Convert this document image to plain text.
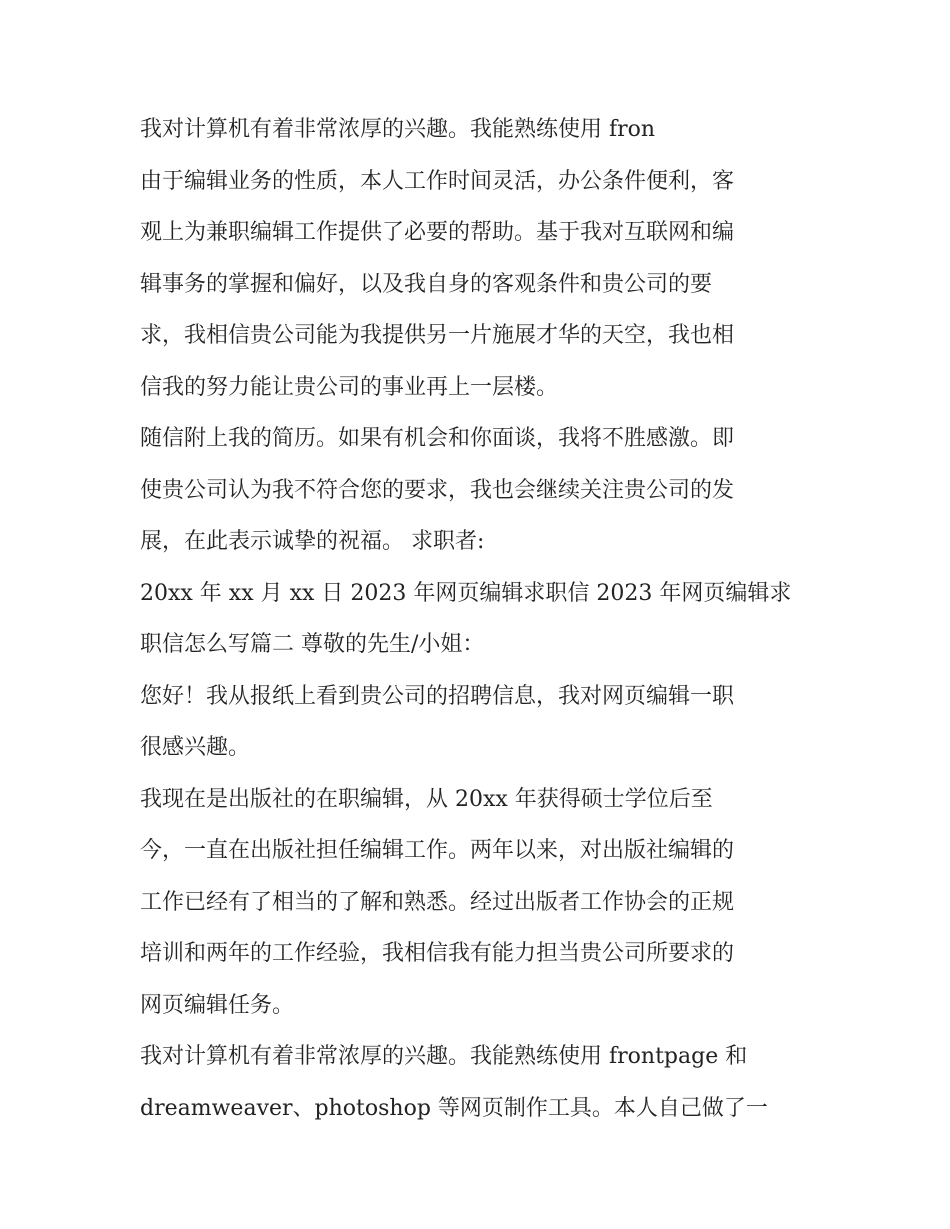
我对计算机有着非常浓厚的兴趣。我能熟练使用 fron
由于编辑业务的性质，本人工作时间灵活，办公条件便利，客
观上为兼职编辑工作提供了必要的帮助。基于我对互联网和编
辑事务的掌握和偏好，以及我自身的客观条件和贵公司的要
求，我相信贵公司能为我提供另一片施展才华的天空，我也相
信我的努力能让贵公司的事业再上一层楼。
随信附上我的简历。如果有机会和你面谈，我将不胜感激。即
使贵公司认为我不符合您的要求，我也会继续关注贵公司的发
展，在此表示诚挚的祝福。 求职者:
20xx 年 xx 月 xx 日 2023 年网页编辑求职信 2023 年网页编辑求
职信怎么写篇二 尊敬的先生/小姐：
您好！我从报纸上看到贵公司的招聘信息，我对网页编辑一职
很感兴趣。
我现在是出版社的在职编辑，从 20xx 年获得硕士学位后至
今，一直在出版社担任编辑工作。两年以来，对出版社编辑的
工作已经有了相当的了解和熟悉。经过出版者工作协会的正规
培训和两年的工作经验，我相信我有能力担当贵公司所要求的
网页编辑任务。
我对计算机有着非常浓厚的兴趣。我能熟练使用 frontpage 和
dreamweaver、photoshop 等网页制作工具。本人自己做了一
